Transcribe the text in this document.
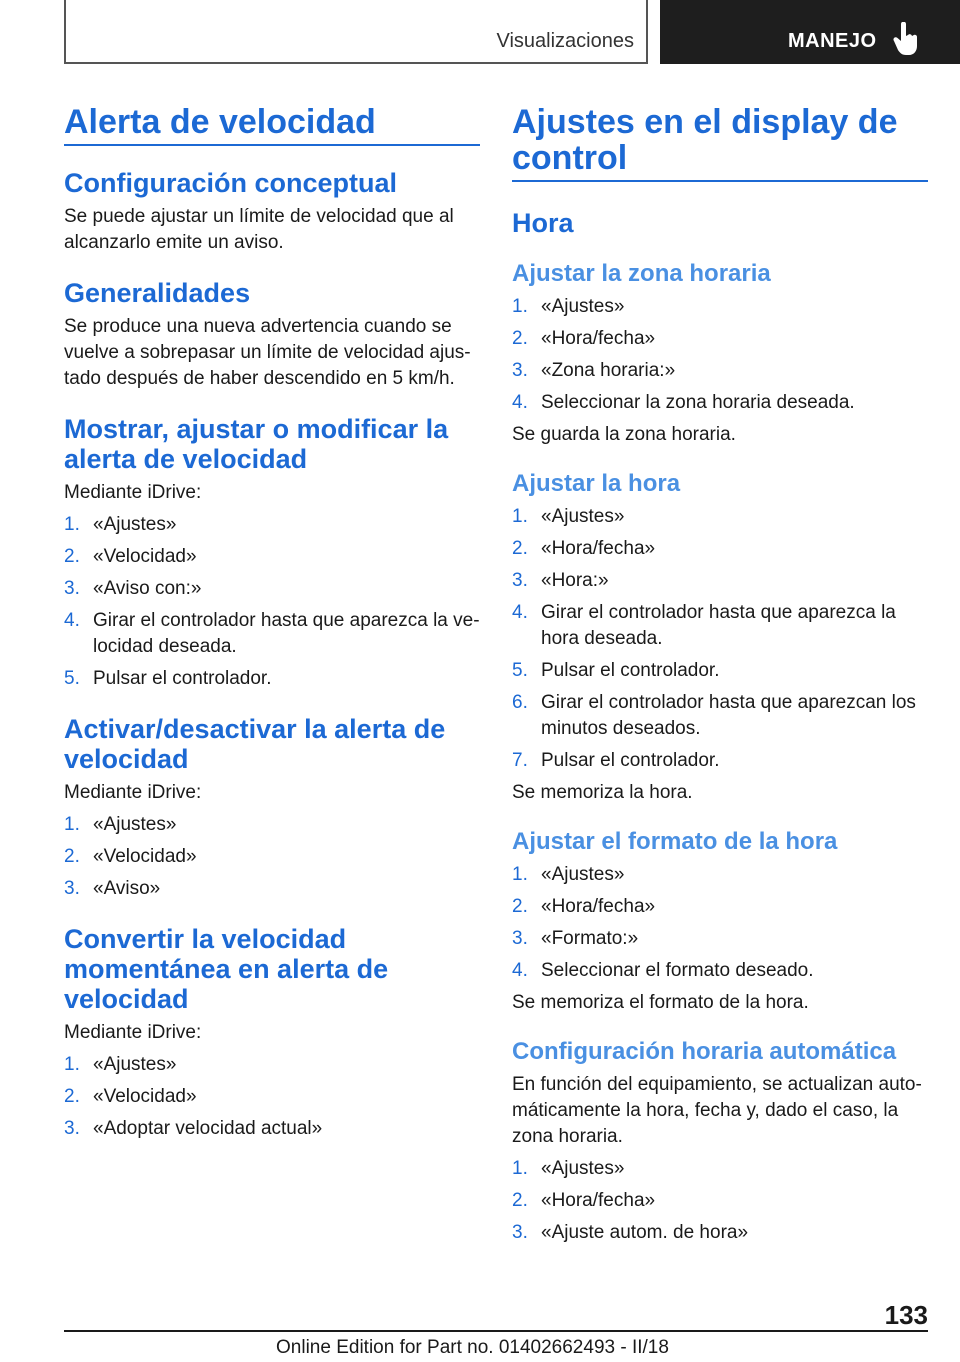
Visualizaciones	MANEJO
Alerta de velocidad
Configuración conceptual

Se puede ajustar un límite de velocidad que al alcanzarlo emite un aviso.

Generalidades

Se produce una nueva advertencia cuando se vuelve a sobrepasar un límite de velocidad ajustado después de haber descendido en 5 km/h.

Mostrar, ajustar o modificar la alerta de velocidad

Mediante iDrive:

1. «Ajustes»
2. «Velocidad»
3. «Aviso con:»
4. Girar el controlador hasta que aparezca la velocidad deseada.
5. Pulsar el controlador.
Activar/desactivar la alerta de velocidad

Mediante iDrive:

1. «Ajustes»
2. «Velocidad»
3. «Aviso»
Convertir la velocidad momentánea en alerta de velocidad

Mediante iDrive:

1. «Ajustes»
2. «Velocidad»
3. «Adoptar velocidad actual»
Ajustes en el display de control
Hora
Ajustar la zona horaria
1. «Ajustes»
2. «Hora/fecha»
3. «Zona horaria:»
4. Seleccionar la zona horaria deseada.

Se guarda la zona horaria.

Ajustar la hora
1. «Ajustes»
2. «Hora/fecha»
3. «Hora:»
4. Girar el controlador hasta que aparezca la hora deseada.
5. Pulsar el controlador.
6. Girar el controlador hasta que aparezcan los minutos deseados.
7. Pulsar el controlador.

Se memoriza la hora.

Ajustar el formato de la hora
1. «Ajustes»
2. «Hora/fecha»
3. «Formato:»
4. Seleccionar el formato deseado.

Se memoriza el formato de la hora.

Configuración horaria automática

En función del equipamiento, se actualizan automáticamente la hora, fecha y, dado el caso, la zona horaria.

1. «Ajustes»
2. «Hora/fecha»
3. «Ajuste autom. de hora»
133
Online Edition for Part no. 01402662493 - II/18
